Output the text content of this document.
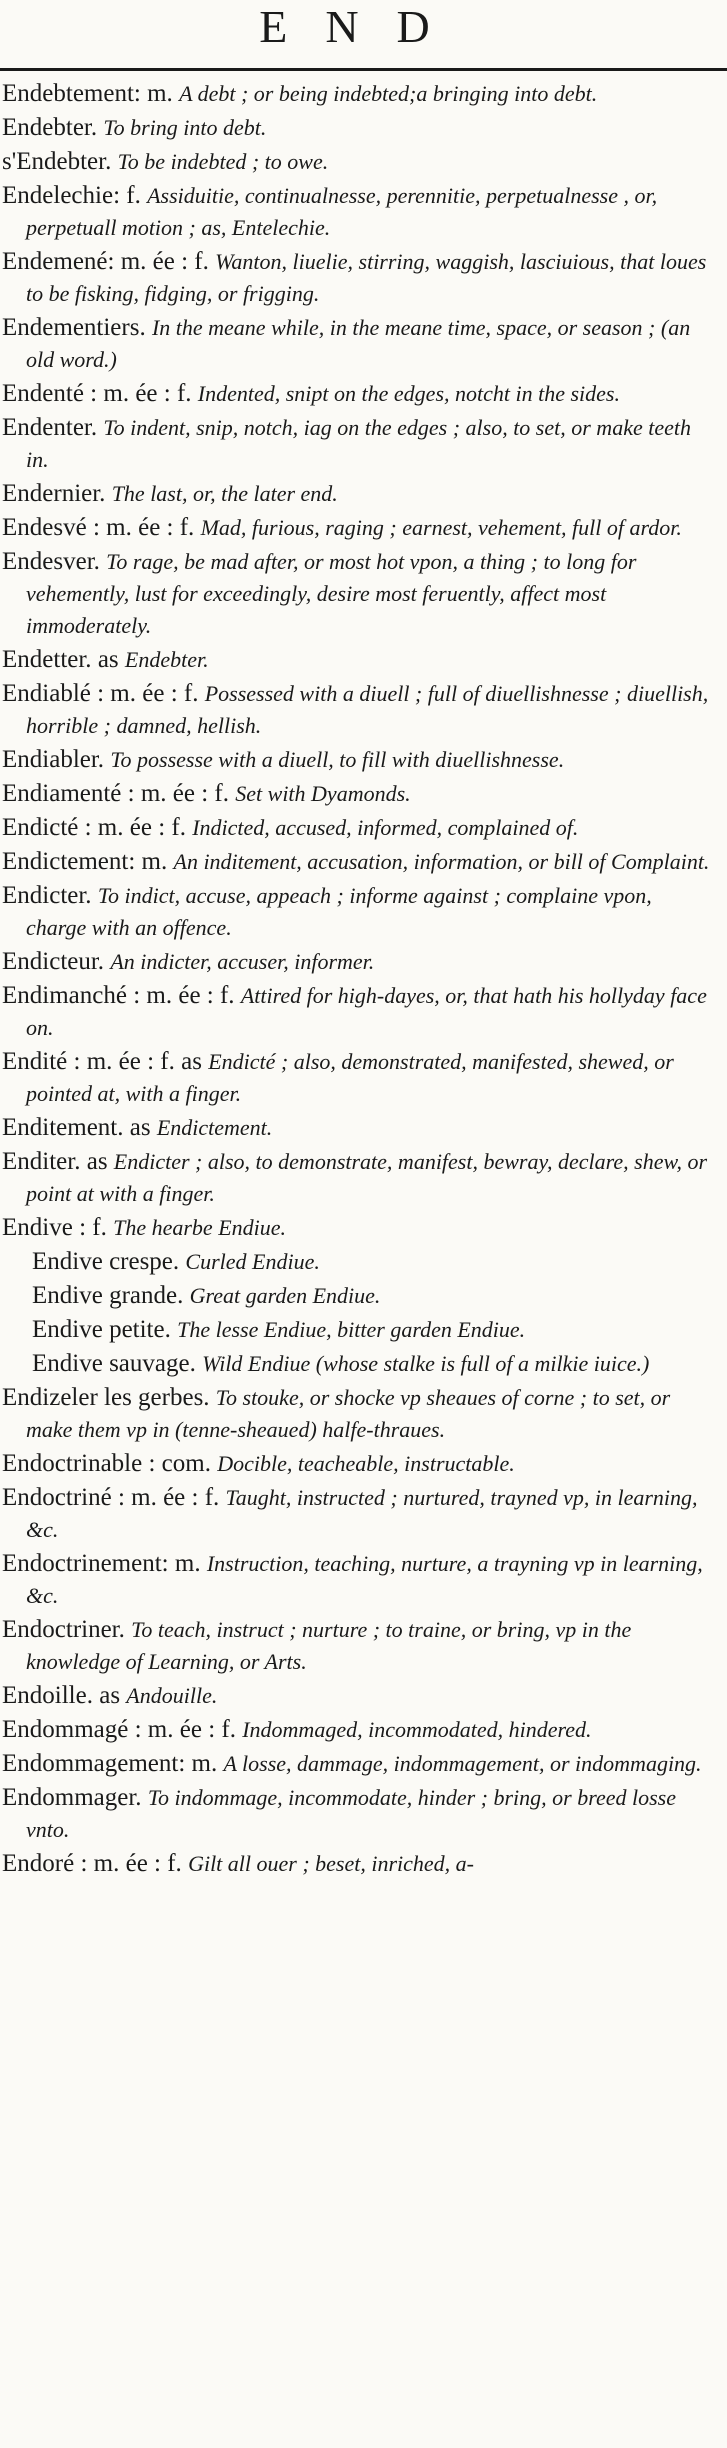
END
Endebtement: m. A debt ; or being indebted;a bringing into debt.
Endebter. To bring into debt.
s'Endebter. To be indebted ; to owe.
Endelechie: f. Assiduitie, continualnesse, perennitie, perpetualnesse , or, perpetuall motion ; as, Entelechie.
Endemené: m. ée : f. Wanton, liuelie, stirring, waggish, lasciuious, that loues to be fisking, fidging, or frigging.
Endementiers. In the meane while, in the meane time, space, or season ; (an old word.)
Endenté : m. ée : f. Indented, snipt on the edges, notcht in the sides.
Endenter. To indent, snip, notch, iag on the edges ; also, to set, or make teeth in.
Endernier. The last, or, the later end.
Endesvé : m. ée : f. Mad, furious, raging ; earnest, vehement, full of ardor.
Endesver. To rage, be mad after, or most hot vpon, a thing ; to long for vehemently, lust for exceedingly, desire most feruently, affect most immoderately.
Endetter. as Endebter.
Endiablé : m. ée : f. Possessed with a diuell ; full of diuellishnesse ; diuellish, horrible ; damned, hellish.
Endiabler. To possesse with a diuell, to fill with diuellishnesse.
Endiamenté : m. ée : f. Set with Dyamonds.
Endicté : m. ée : f. Indicted, accused, informed, complained of.
Endictement: m. An inditement, accusation, information, or bill of Complaint.
Endicter. To indict, accuse, appeach ; informe against ; complaine vpon, charge with an offence.
Endicteur. An indicter, accuser, informer.
Endimanché : m. ée : f. Attired for high-dayes, or, that hath his hollyday face on.
Endité : m. ée : f. as Endicté ; also, demonstrated, manifested, shewed, or pointed at, with a finger.
Enditement. as Endictement.
Enditer. as Endicter ; also, to demonstrate, manifest, bewray, declare, shew, or point at with a finger.
Endive : f. The hearbe Endiue.
Endive crespe. Curled Endiue.
Endive grande. Great garden Endiue.
Endive petite. The lesse Endiue, bitter garden Endiue.
Endive sauvage. Wild Endiue (whose stalke is full of a milkie iuice.)
Endizeler les gerbes. To stouke, or shocke vp sheaues of corne ; to set, or make them vp in (tenne-sheaued) halfe-thraues.
Endoctrinable : com. Docible, teacheable, instructable.
Endoctriné : m. ée : f. Taught, instructed ; nurtured, trayned vp, in learning, &c.
Endoctrinement: m. Instruction, teaching, nurture, a trayning vp in learning, &c.
Endoctriner. To teach, instruct ; nurture ; to traine, or bring, vp in the knowledge of Learning, or Arts.
Endoille. as Andouille.
Endommagé : m. ée : f. Indommaged, incommodated, hindered.
Endommagement: m. A losse, dammage, indommagement, or indommaging.
Endommager. To indommage, incommodate, hinder ; bring, or breed losse vnto.
Endoré : m. ée : f. Gilt all ouer ; beset, inriched, a-
